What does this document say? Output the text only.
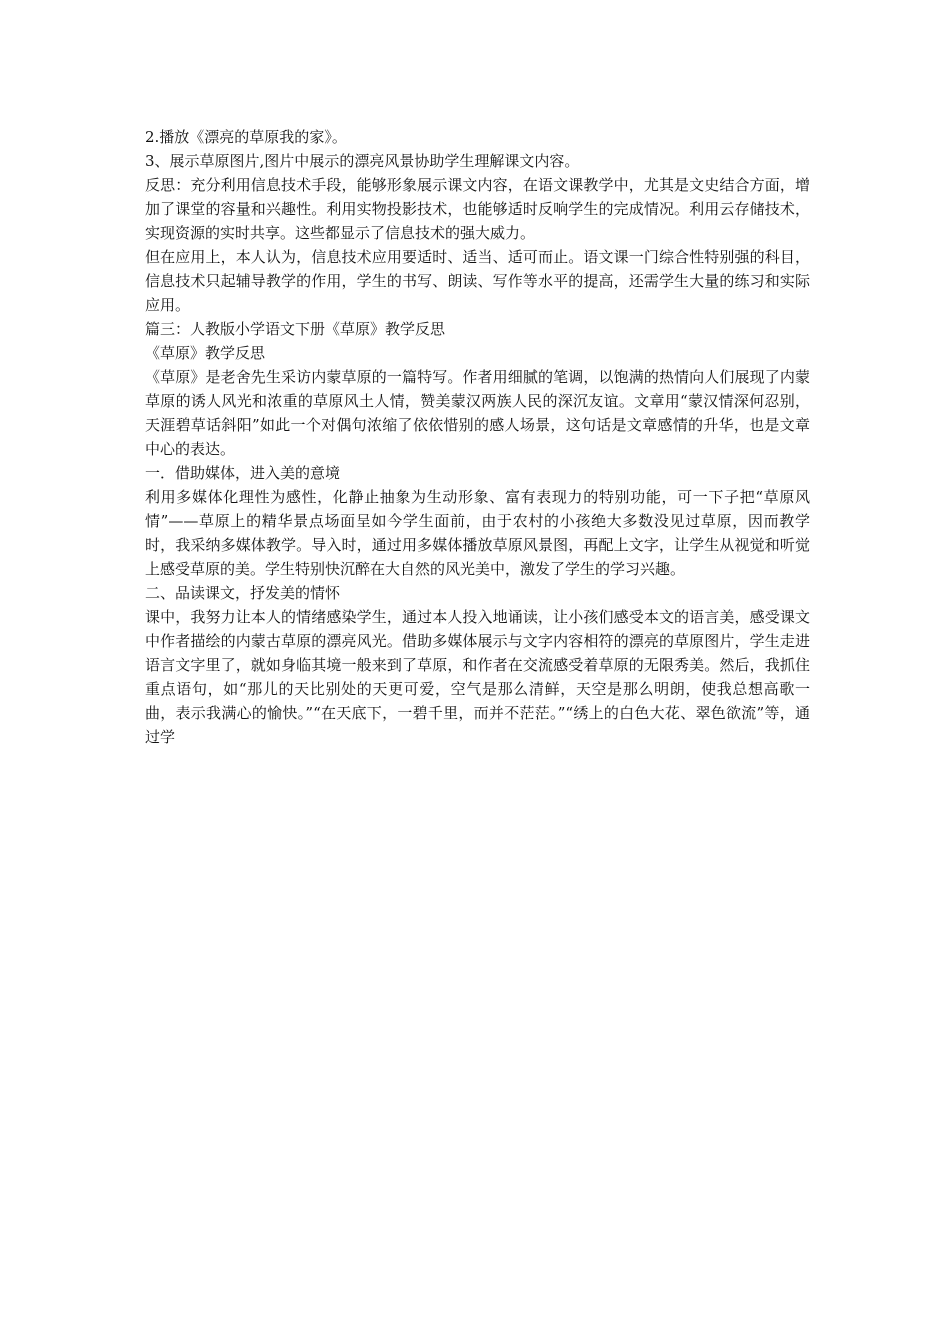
2.播放《漂亮的草原我的家》。

3、展示草原图片,图片中展示的漂亮风景协助学生理解课文内容。

反思：充分利用信息技术手段，能够形象展示课文内容，在语文课教学中，尤其是文史结合方面，增加了课堂的容量和兴趣性。利用实物投影技术，也能够适时反响学生的完成情况。利用云存储技术，实现资源的实时共享。这些都显示了信息技术的强大威力。

但在应用上，本人认为，信息技术应用要适时、适当、适可而止。语文课一门综合性特别强的科目，信息技术只起辅导教学的作用，学生的书写、朗读、写作等水平的提高，还需学生大量的练习和实际应用。

篇三：人教版小学语文下册《草原》教学反思

《草原》教学反思

《草原》是老舍先生采访内蒙草原的一篇特写。作者用细腻的笔调，以饱满的热情向人们展现了内蒙草原的诱人风光和浓重的草原风土人情，赞美蒙汉两族人民的深沉友谊。文章用“蒙汉情深何忍别，天涯碧草话斜阳”如此一个对偶句浓缩了依依惜别的感人场景，这句话是文章感情的升华，也是文章中心的表达。

一．借助媒体，进入美的意境

利用多媒体化理性为感性，化静止抽象为生动形象、富有表现力的特别功能，可一下子把“草原风情”——草原上的精华景点场面呈如今学生面前，由于农村的小孩绝大多数没见过草原，因而教学时，我采纳多媒体教学。导入时，通过用多媒体播放草原风景图，再配上文字，让学生从视觉和听觉上感受草原的美。学生特别快沉醉在大自然的风光美中，激发了学生的学习兴趣。

二、品读课文，抒发美的情怀

课中，我努力让本人的情绪感染学生，通过本人投入地诵读，让小孩们感受本文的语言美，感受课文中作者描绘的内蒙古草原的漂亮风光。借助多媒体展示与文字内容相符的漂亮的草原图片，学生走进语言文字里了，就如身临其境一般来到了草原，和作者在交流感受着草原的无限秀美。然后，我抓住重点语句，如“那儿的天比别处的天更可爱，空气是那么清鲜，天空是那么明朗，使我总想高歌一曲，表示我满心的愉快。”“在天底下，一碧千里，而并不茫茫。”“绣上的白色大花、翠色欲流”等，通过学
